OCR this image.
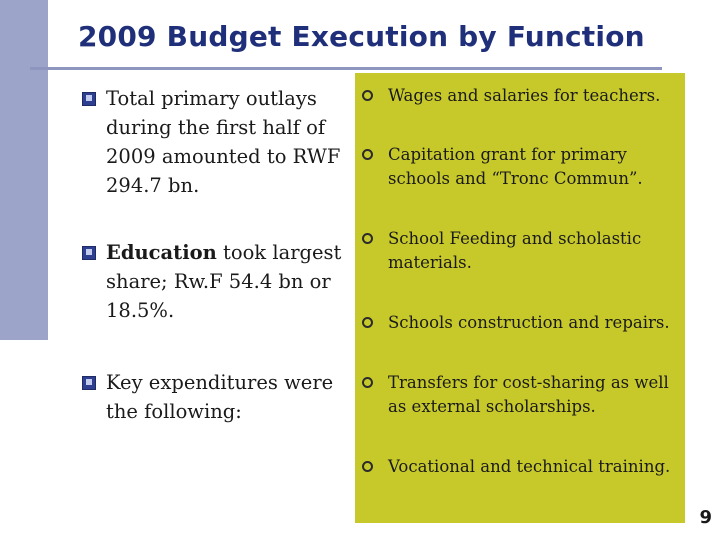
2009 Budget Execution by Function
Total primary outlays during the first half of 2009 amounted to RWF 294.7 bn.
Education took largest share; Rw.F 54.4 bn or 18.5%.
Key expenditures were the following:
Wages and salaries for teachers.
Capitation grant for primary schools and “Tronc Commun”.
School Feeding and scholastic materials.
Schools construction and repairs.
Transfers for cost-sharing as well as external scholarships.
Vocational and technical training.
9
